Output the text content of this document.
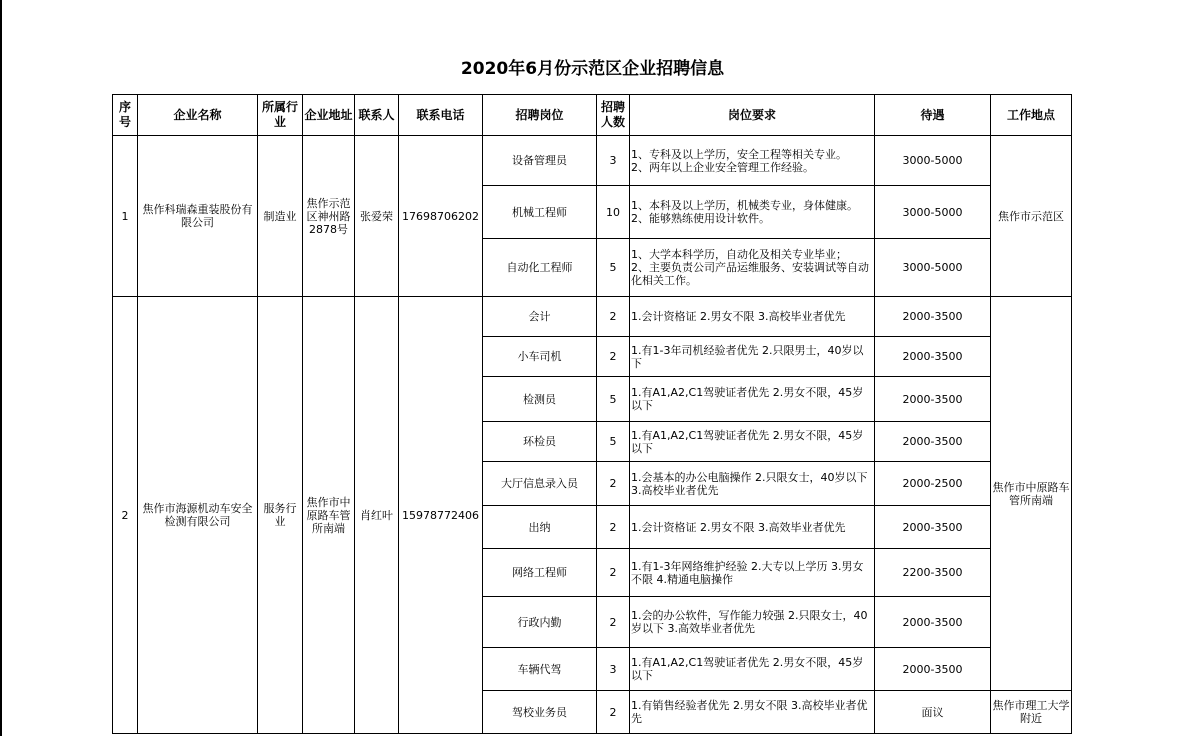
2020年6月份示范区企业招聘信息
序号	企业名称	所属行业	企业地址	联系人	联系电话	招聘岗位	招聘人数	岗位要求	待遇	工作地点
1	焦作科瑞森重装股份有限公司	制造业	焦作示范区神州路2878号	张爱荣	17698706202	设备管理员	3	1、专科及以上学历，安全工程等相关专业。
2、两年以上企业安全管理工作经验。	3000-5000	焦作市示范区
						机械工程师	10	1、本科及以上学历，机械类专业，身体健康。
2、能够熟练使用设计软件。	3000-5000	
						自动化工程师	5	1、大学本科学历，自动化及相关专业毕业；
2、主要负责公司产品运维服务、安装调试等自动化相关工作。	3000-5000	
2	焦作市海源机动车安全检测有限公司	服务行业	焦作市中原路车管所南端	肖红叶	15978772406	会计	2	1.会计资格证 2.男女不限 3.高校毕业者优先	2000-3500	焦作市中原路车管所南端
						小车司机	2	1.有1-3年司机经验者优先 2.只限男士，40岁以下	2000-3500	
						检测员	5	1.有A1,A2,C1驾驶证者优先 2.男女不限，45岁以下	2000-3500	
						环检员	5	1.有A1,A2,C1驾驶证者优先 2.男女不限，45岁以下	2000-3500	
						大厅信息录入员	2	1.会基本的办公电脑操作 2.只限女士，40岁以下 3.高校毕业者优先	2000-2500	
						出纳	2	1.会计资格证 2.男女不限 3.高效毕业者优先	2000-3500	
						网络工程师	2	1.有1-3年网络维护经验 2.大专以上学历 3.男女不限 4.精通电脑操作	2200-3500	
						行政内勤	2	1.会的办公软件，写作能力较强 2.只限女士，40岁以下 3.高效毕业者优先	2000-3500	
						车辆代驾	3	1.有A1,A2,C1驾驶证者优先 2.男女不限，45岁以下	2000-3500	
						驾校业务员	2	1.有销售经验者优先 2.男女不限 3.高校毕业者优先	面议	焦作市理工大学附近
